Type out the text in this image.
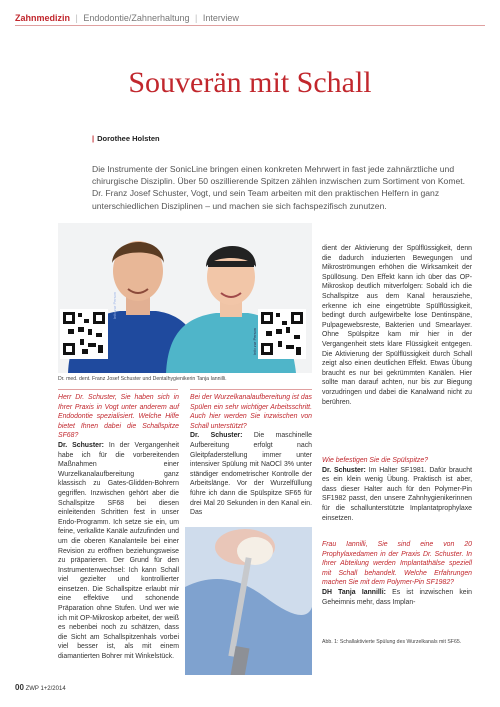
Zahnmedizin | Endodontie/Zahnerhaltung | Interview
Souverän mit Schall
| Dorothee Holsten
Die Instrumente der SonicLine bringen einen konkreten Mehrwert in fast jede zahnärztliche und chirurgische Disziplin. Über 50 oszillierende Spitzen zählen inzwischen zum Sortiment von Komet. Dr. Franz Josef Schuster, Vogt, und sein Team arbeiten mit den praktischen Helfern in ganz unterschiedlichen Disziplinen – und machen sie sich fachspezifisch zunutzen.
Info zur Person
Info zur Person
Dr. med. dent. Franz Josef Schuster und Dentalhygienikerin Tanja Iannilli.
Herr Dr. Schuster, Sie haben sich in Ihrer Praxis in Vogt unter anderem auf Endodontie spezialisiert. Welche Hilfe bietet Ihnen dabei die Schallspitze SF68?
Dr. Schuster: In der Vergangenheit habe ich für die vorbereitenden Maßnahmen einer Wurzelkanalaufbereitung ganz klassisch zu Gates-Glidden-Bohrern gegriffen. Inzwischen gehört aber die Schallspitze SF68 bei diesen einleitenden Schritten fest in unser Endo-Programm. Ich setze sie ein, um feine, verkalkte Kanäle aufzufinden und um die oberen Kanalanteile bei einer Revision zu eröffnen beziehungsweise zu präparieren. Der Grund für den Instrumentenwechsel: Ich kann Schall viel gezielter und kontrollierter einsetzen. Die Schallspitze erlaubt mir eine effektive und schonende Präparation ohne Stufen. Und wer wie ich mit OP-Mikroskop arbeitet, der weiß es nebenbei noch zu schätzen, dass die Sicht am Schallspitzenhals vorbei viel besser ist, als mit einem diamantierten Bohrer mit Winkelstück.
Bei der Wurzelkanalaufbereitung ist das Spülen ein sehr wichtiger Arbeitsschritt. Auch hier werden Sie inzwischen von Schall unterstützt?
Dr. Schuster: Die maschinelle Aufbereitung erfolgt nach Gleitpfaderstellung immer unter intensiver Spülung mit NaOCl 3% unter ständiger endometrischer Kontrolle der Arbeitslänge. Vor der Wurzelfüllung führe ich dann die Spülspitze SF65 für drei Mal 20 Sekunden in den Kanal ein. Das
dient der Aktivierung der Spülflüssigkeit, denn die dadurch induzierten Bewegungen und Mikroströmungen erhöhen die Wirksamkeit der Spüllösung. Den Effekt kann ich über das OP-Mikroskop deutlich mitverfolgen: Sobald ich die Schallspitze aus dem Kanal herausziehe, erkenne ich eine eingetrübte Spülflüssigkeit, bedingt durch aufgewirbelte lose Dentinspäne, Pulpagewebsreste, Bakterien und Smearlayer. Ohne Spülspitze kam mir hier in der Vergangenheit stets klare Flüssigkeit entgegen. Die Aktivierung der Spülflüssigkeit durch Schall zeigt also einen deutlichen Effekt. Etwas Übung braucht es nur bei gekrümmten Kanälen. Hier sollte man darauf achten, nur bis zur Biegung vorzudringen und dabei die Kanalwand nicht zu berühren.
Wie befestigen Sie die Spülspitze?
Dr. Schuster: Im Halter SF1981. Dafür braucht es ein klein wenig Übung. Praktisch ist aber, dass dieser Halter auch für den Polymer-Pin SF1982 passt, den unsere Zahnhygienikerinnen für die schallunterstützte Implantatprophylaxe einsetzen.
Frau Iannilli, Sie sind eine von 20 Prophylaxedamen in der Praxis Dr. Schuster. In Ihrer Abteilung werden Implantathälse speziell mit Schall behandelt. Welche Erfahrungen machen Sie mit dem Polymer-Pin SF1982?
DH Tanja Iannilli: Es ist inzwischen kein Geheimnis mehr, dass Implan-
Abb. 1: Schallaktivierte Spülung des Wurzelkanals mit SF65.
00 ZWP 1+2/2014
